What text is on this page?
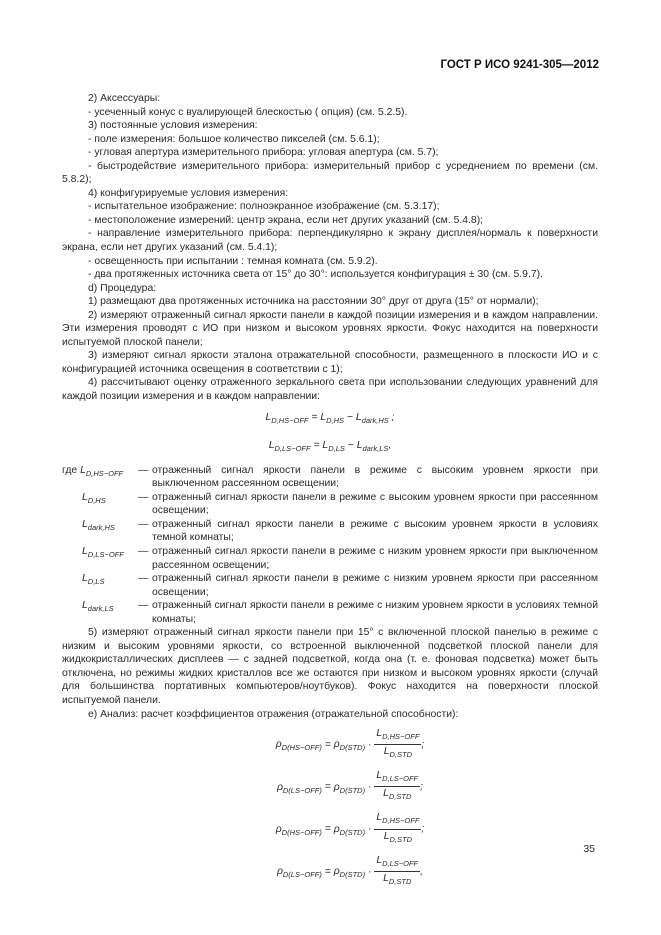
ГОСТ Р ИСО 9241-305—2012

2) Аксессуары:

- усеченный конус с вуалирующей блескостью ( опция) (см. 5.2.5).

3) постоянные условия измерения:

- поле измерения: большое количество пикселей (см. 5.6.1);

- угловая апертура измерительного прибора: угловая апертура (см. 5.7);

- быстродействие измерительного прибора: измерительный прибор с усреднением по времени (см. 5.8.2);

4) конфигурируемые условия измерения:

- испытательное изображение: полноэкранное изображение (см. 5.3.17);

- местоположение измерений: центр экрана, если нет других указаний (см. 5.4.8);

- направление измерительного прибора: перпендикулярно к экрану дисплея/нормаль к поверхности экрана, если нет других указаний (см. 5.4.1);

- освещенность при испытании : темная комната (см. 5.9.2).

- два протяженных источника света от 15° до 30°: используется конфигурация ± 30 (см. 5.9.7).

d) Процедура:

1) размещают два протяженных источника на расстоянии 30° друг от друга (15° от нормали);

2) измеряют отраженный сигнал яркости панели в каждой позиции измерения и в каждом направлении. Эти измерения проводят с ИО при низком и высоком уровнях яркости. Фокус находится на поверхности испытуемой плоской панели;

3) измеряют сигнал яркости эталона отражательной способности, размещенного в плоскости ИО и с конфигурацией источника освещения в соответствии с 1);

4) рассчитывают оценку отраженного зеркального света при использовании следующих уравнений для каждой позиции измерения и в каждом направлении:

$L_{D,HS-OFF} = L_{D,HS} - L_{dark,HS}$ ;
$L_{D,LS-OFF} = L_{D,LS} - L_{dark,LS}$,
где $L_{D,HS-OFF}$	— отраженный сигнал яркости панели в режиме с высоким уровнем яркости при выключенном рассеянном освещении;
$L_{D,HS}$	— отраженный сигнал яркости панели в режиме с высоким уровнем яркости при рассеянном освещении;
$L_{dark,HS}$	— отраженный сигнал яркости панели в режиме с высоким уровнем яркости в условиях темной комнаты;
$L_{D,LS-OFF}$	— отраженный сигнал яркости панели в режиме с низким уровнем яркости при выключенном рассеянном освещении;
$L_{D,LS}$	— отраженный сигнал яркости панели в режиме с низким уровнем яркости при рассеянном освещении;
$L_{dark,LS}$	— отраженный сигнал яркости панели в режиме с низким уровнем яркости в условиях темной комнаты;

5) измеряют отраженный сигнал яркости панели при 15° с включенной плоской панелью в режиме с низким и высоким уровнями яркости, со встроенной выключенной подсветкой плоской панели для жидкокристаллических дисплеев — с задней подсветкой, когда она (т. е. фоновая подсветка) может быть отключена, но режимы жидких кристаллов все же остаются при низком и высоком уровнях яркости (случай для большинства портативных компьютеров/ноутбуков). Фокус находится на поверхности плоской испытуемой панели.

e) Анализ: расчет коэффициентов отражения (отражательной способности):

$\rho_{D(HS-OFF)} = \rho_{D(STD)} \cdot \frac{L_{D,HS-OFF}}{L_{D,STD}}$ ;
$\rho_{D(LS-OFF)} = \rho_{D(STD)} \cdot \frac{L_{D,LS-OFF}}{L_{D,STD}}$ ;
$\rho_{D(HS-OFF)} = \rho_{D(STD)} \cdot \frac{L_{D,HS-OFF}}{L_{D,STD}}$ ;
$\rho_{D(LS-OFF)} = \rho_{D(STD)} \cdot \frac{L_{D,LS-OFF}}{L_{D,STD}}$ ,
35
